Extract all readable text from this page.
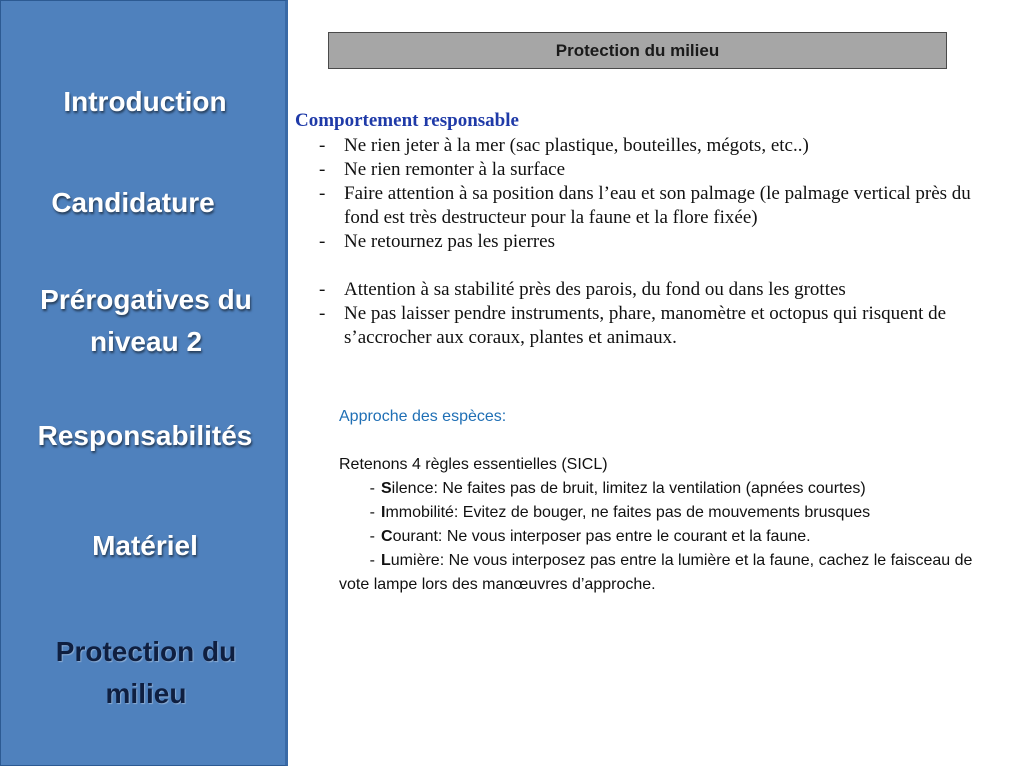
Introduction
Candidature
Prérogatives du niveau 2
Responsabilités
Matériel
Protection du milieu
Protection du milieu
Comportement responsable
- Ne rien jeter à la mer (sac plastique, bouteilles, mégots, etc..)
- Ne rien remonter à la surface
- Faire attention à sa position dans l’eau et son palmage (le palmage vertical près du fond est très destructeur pour la faune et la flore fixée)
- Ne retournez pas les pierres
- Attention à sa stabilité près des parois, du fond ou dans les grottes
- Ne pas laisser pendre instruments, phare, manomètre et octopus qui risquent de s’accrocher aux coraux, plantes et animaux.
Approche des espèces:
Retenons 4 règles essentielles (SICL)
- Silence: Ne faites pas de bruit, limitez la ventilation (apnées courtes)
- Immobilité: Evitez de bouger, ne faites pas de mouvements brusques
- Courant: Ne vous interposer pas entre le courant et la faune.
- Lumière: Ne vous interposez pas entre la lumière et la faune, cachez le faisceau de vote lampe lors des manœuvres d’approche.
